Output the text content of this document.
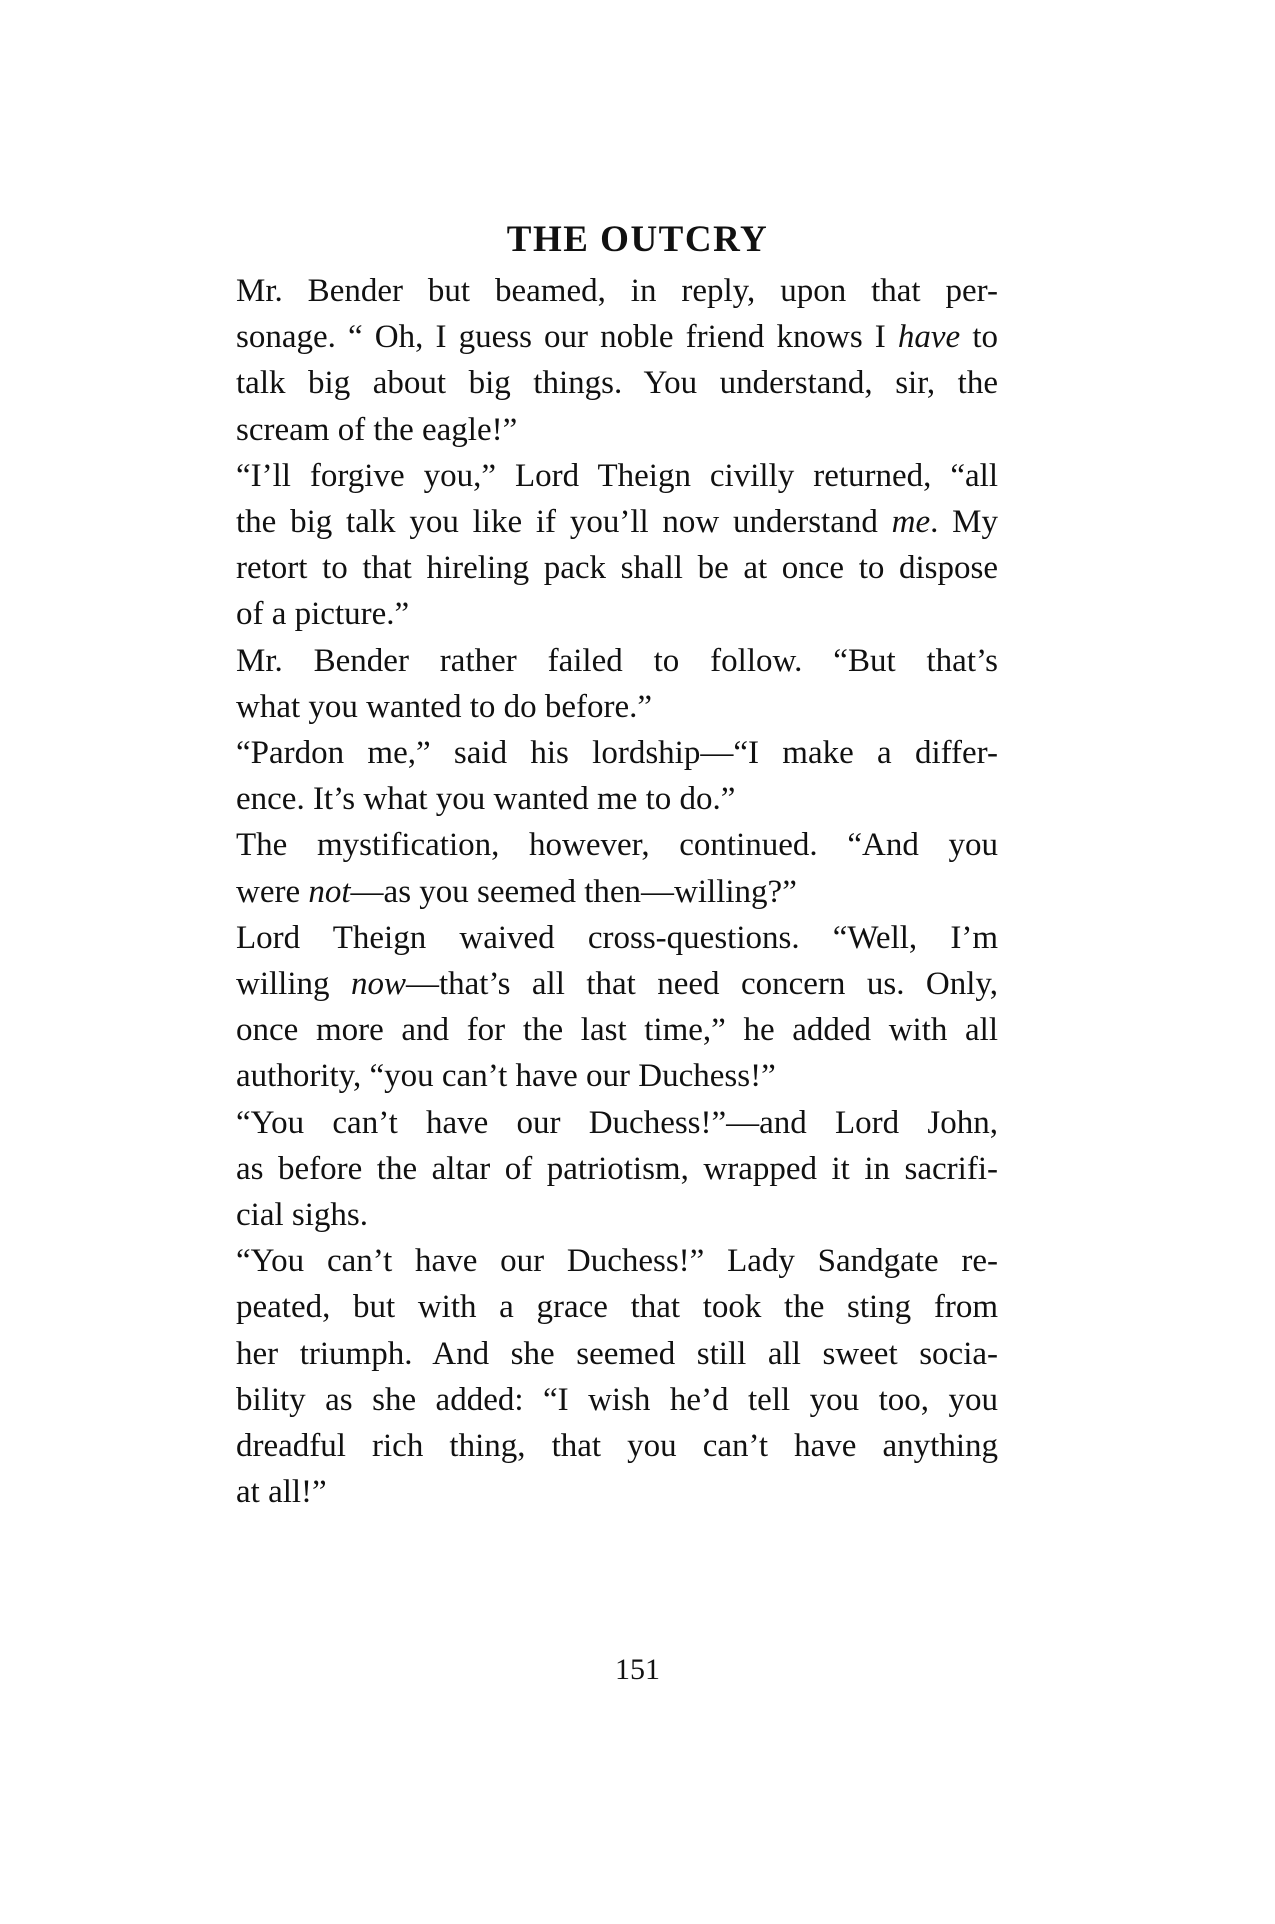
THE OUTCRY

Mr. Bender but beamed, in reply, upon that per-
sonage. “ Oh, I guess our noble friend knows I have to
talk big about big things. You understand, sir, the
scream of the eagle!”

“I’ll forgive you,” Lord Theign civilly returned, “all
the big talk you like if you’ll now understand me. My
retort to that hireling pack shall be at once to dispose
of a picture.”

Mr. Bender rather failed to follow. “But that’s
what you wanted to do before.”

“Pardon me,” said his lordship—“I make a differ-
ence. It’s what you wanted me to do.”

The mystification, however, continued. “And you
were not—as you seemed then—willing?”

Lord Theign waived cross-questions. “Well, I’m
willing now—that’s all that need concern us. Only,
once more and for the last time,” he added with all
authority, “you can’t have our Duchess!”

“You can’t have our Duchess!”—and Lord John,
as before the altar of patriotism, wrapped it in sacrifi-
cial sighs.

“You can’t have our Duchess!” Lady Sandgate re-
peated, but with a grace that took the sting from
her triumph. And she seemed still all sweet socia-
bility as she added: “I wish he’d tell you too, you
dreadful rich thing, that you can’t have anything
at all!”

151
